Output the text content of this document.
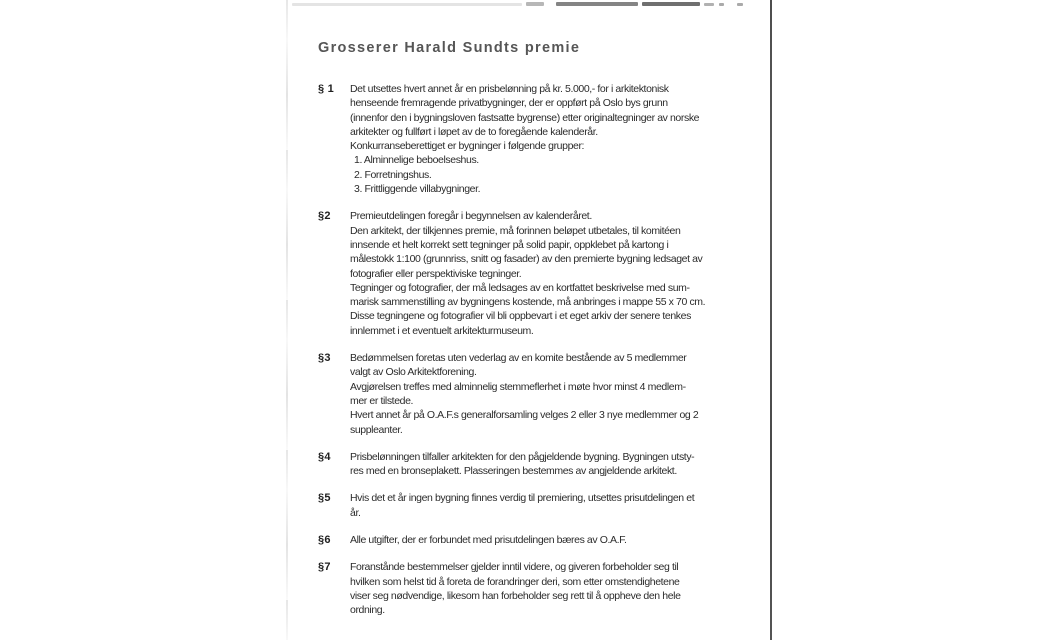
Grosserer Harald Sundts premie
§ 1	Det utsettes hvert annet år en prisbelønning på kr. 5.000,- for i arkitektonisk
henseende fremragende privatbygninger, der er oppført på Oslo bys grunn
(innenfor den i bygningsloven fastsatte bygrense) etter originaltegninger av norske
arkitekter og fullført i løpet av de to foregående kalenderår.
Konkurranseberettiget er bygninger i følgende grupper:
1. Alminnelige beboelseshus.
2. Forretningshus.
3. Frittliggende villabygninger.
§2	Premieutdelingen foregår i begynnelsen av kalenderåret.
Den arkitekt, der tilkjennes premie, må forinnen beløpet utbetales, til komitéen
innsende et helt korrekt sett tegninger på solid papir, oppklebet på kartong i
målestokk 1:100 (grunnriss, snitt og fasader) av den premierte bygning ledsaget av
fotografier eller perspektiviske tegninger.
Tegninger og fotografier, der må ledsages av en kortfattet beskrivelse med sum-
marisk sammenstilling av bygningens kostende, må anbringes i mappe 55 x 70 cm.
Disse tegningene og fotografier vil bli oppbevart i et eget arkiv der senere tenkes
innlemmet i et eventuelt arkitekturmuseum.
§3	Bedømmelsen foretas uten vederlag av en komite bestående av 5 medlemmer
valgt av Oslo Arkitektforening.
Avgjørelsen treffes med alminnelig stemmeflerhet i møte hvor minst 4 medlem-
mer er tilstede.
Hvert annet år på O.A.F.s generalforsamling velges 2 eller 3 nye medlemmer og 2
suppleanter.
§4	Prisbelønningen tilfaller arkitekten for den pågjeldende bygning. Bygningen utsty-
res med en bronseplakett. Plasseringen bestemmes av angjeldende arkitekt.
§5	Hvis det et år ingen bygning finnes verdig til premiering, utsettes prisutdelingen et
år.
§6	Alle utgifter, der er forbundet med prisutdelingen bæres av O.A.F.
§7	Foranstånde bestemmelser gjelder inntil videre, og giveren forbeholder seg til
hvilken som helst tid å foreta de forandringer deri, som etter omstendighetene
viser seg nødvendige, likesom han forbeholder seg rett til å oppheve den hele
ordning.
